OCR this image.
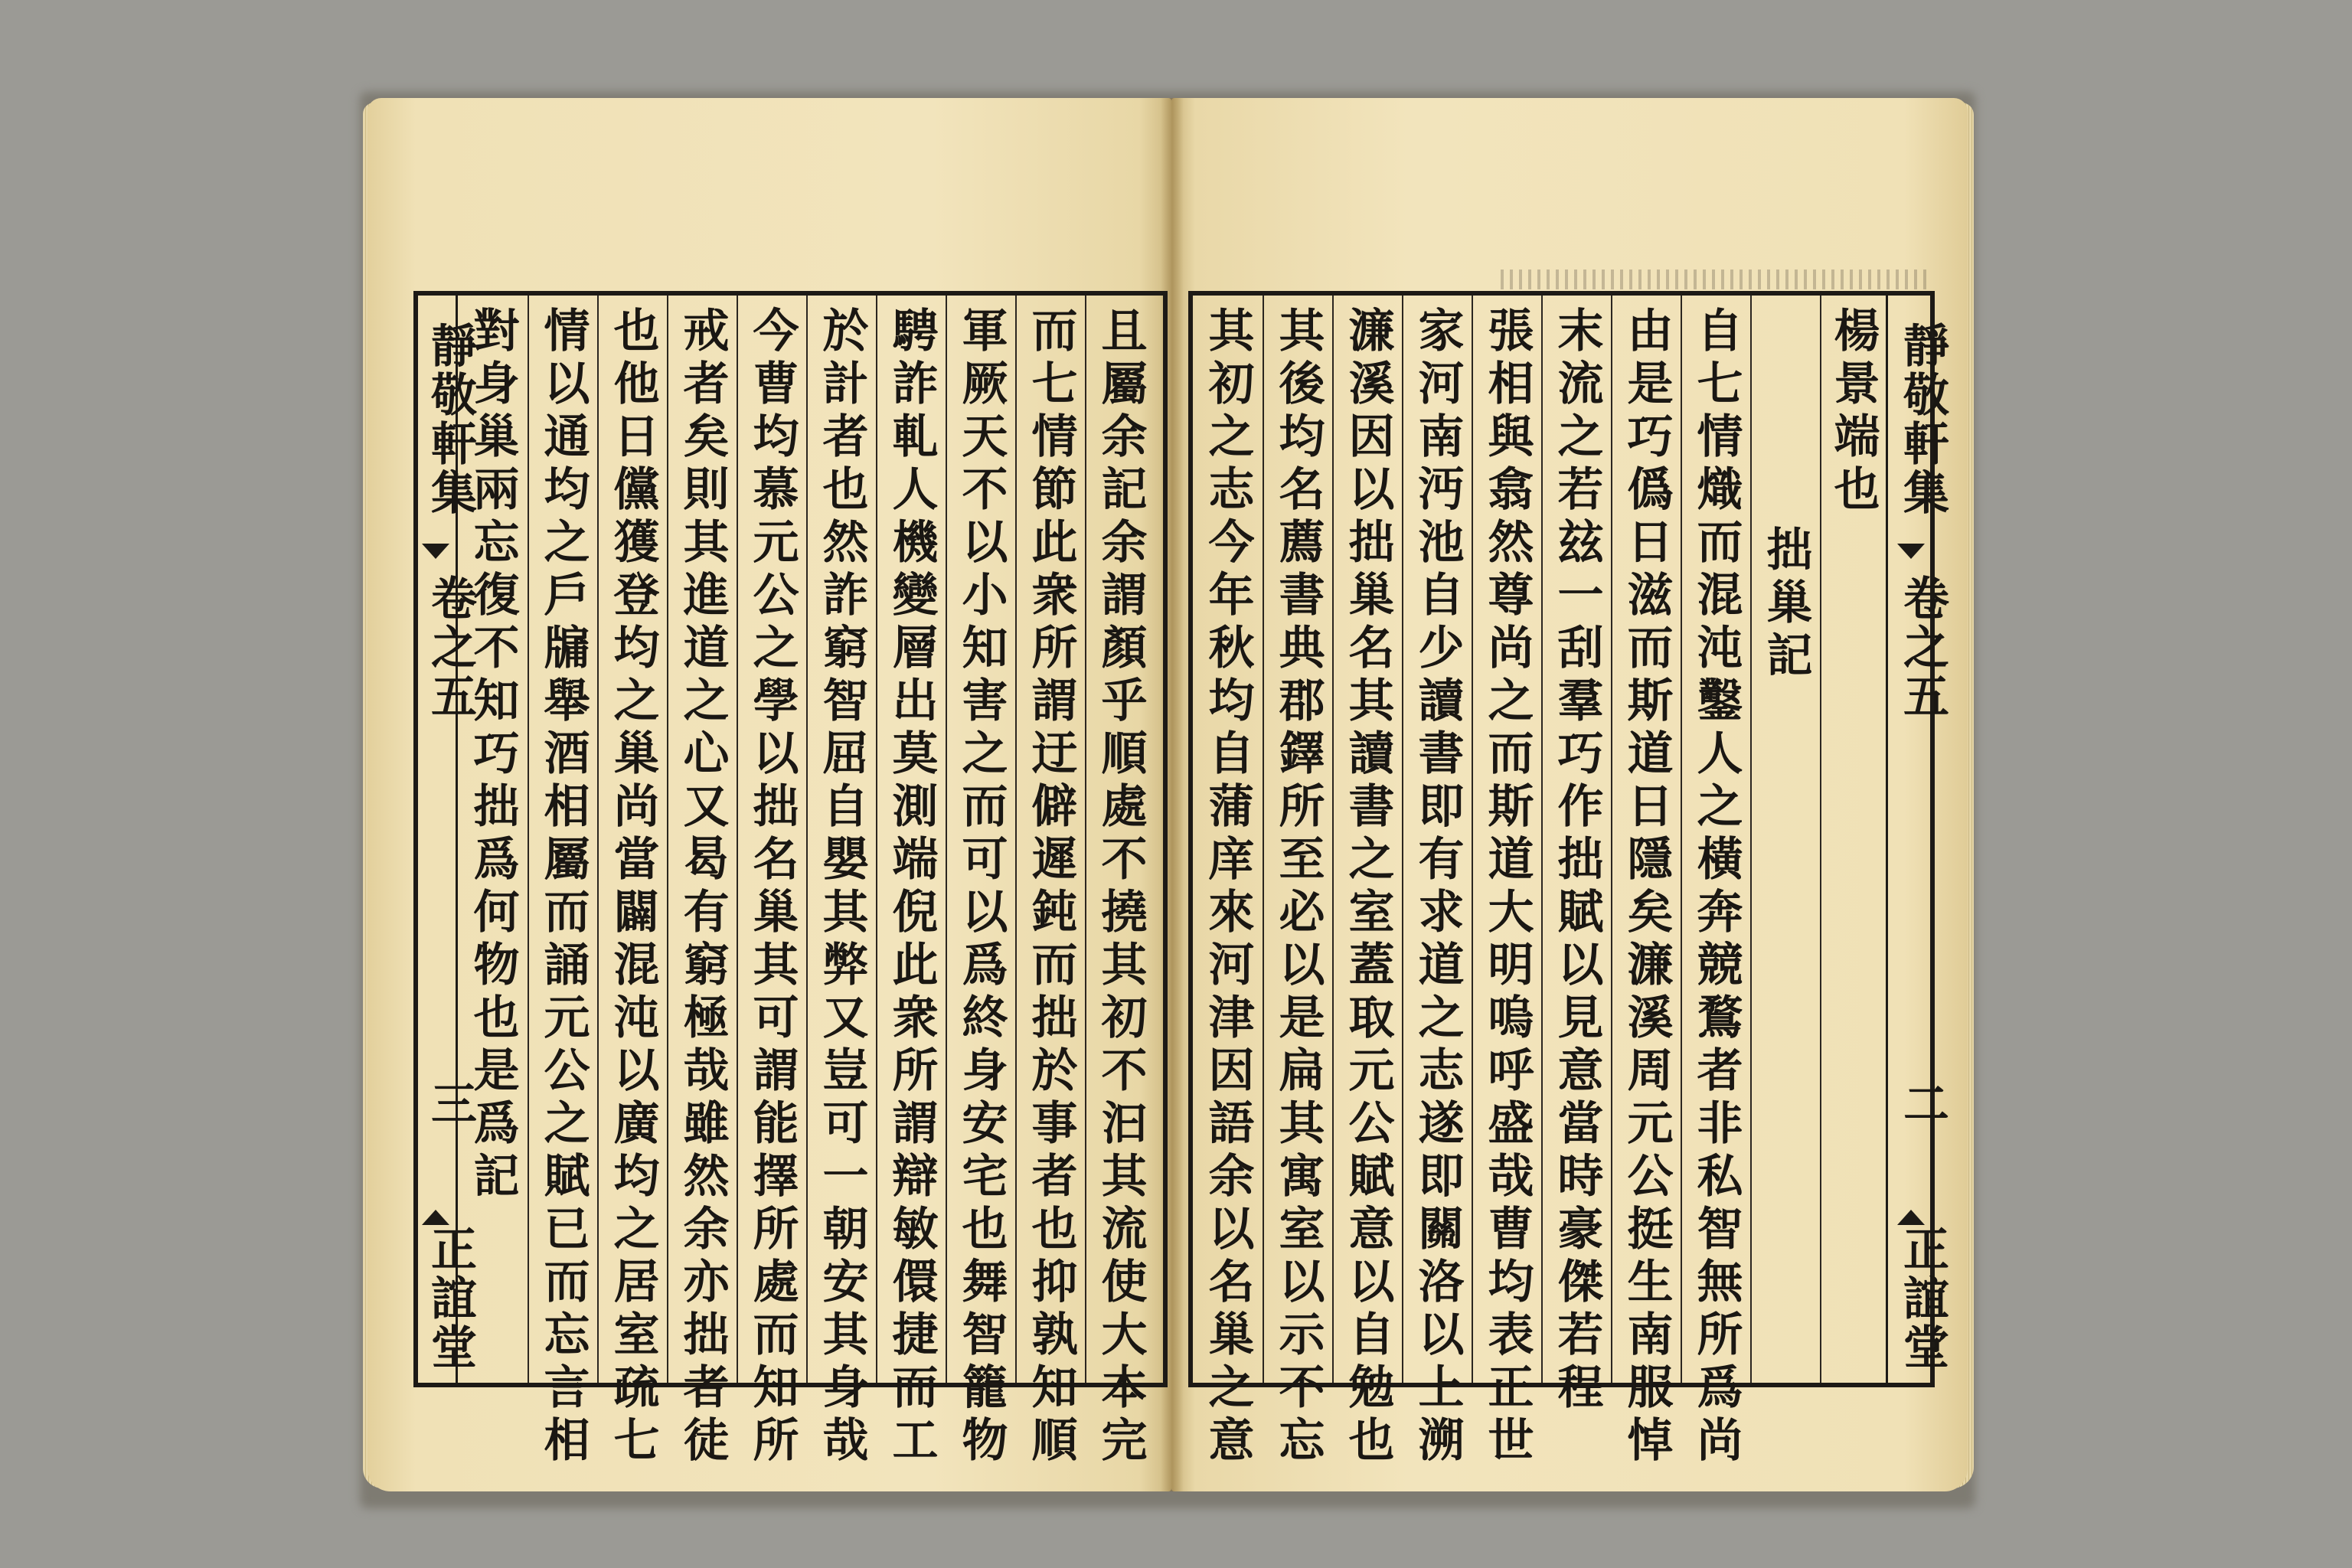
靜敬軒集
卷之五
三
正誼堂	且屬余記余謂顏乎順處不撓其初不汩其流使大本完
而七情節此衆所謂迂僻遲鈍而拙於事者也抑孰知順
軍厥天不以小知害之而可以爲終身安宅也舞智籠物
騁詐軋人機變層出莫測端倪此衆所謂辯敏儇捷而工
於計者也然詐窮智屈自嬰其弊又豈可一朝安其身哉
今曹均慕元公之學以拙名巢其可謂能擇所處而知所
戒者矣則其進道之心又曷有窮極哉雖然余亦拙者徒
也他日儻獲登均之巢尚當闢混沌以廣均之居室疏七
情以通均之戶牖舉酒相屬而誦元公之賦已而忘言相
對身巢兩忘復不知巧拙爲何物也是爲記	靜敬軒集
卷之五
二
正誼堂
楊景端也
拙巢記
自七情熾而混沌鑿人之橫奔競鶩者非私智無所爲尚
由是巧僞日滋而斯道日隱矣濂溪周元公挺生南服悼
末流之若玆一刮羣巧作拙賦以見意當時豪傑若程
張相與翕然尊尚之而斯道大明嗚呼盛哉曹均表正世
家河南沔池自少讀書即有求道之志遂即關洛以上溯
濂溪因以拙巢名其讀書之室蓋取元公賦意以自勉也
其後均名薦書典郡鐸所至必以是扁其寓室以示不忘
其初之志今年秋均自蒲庠來河津因語余以名巢之意
